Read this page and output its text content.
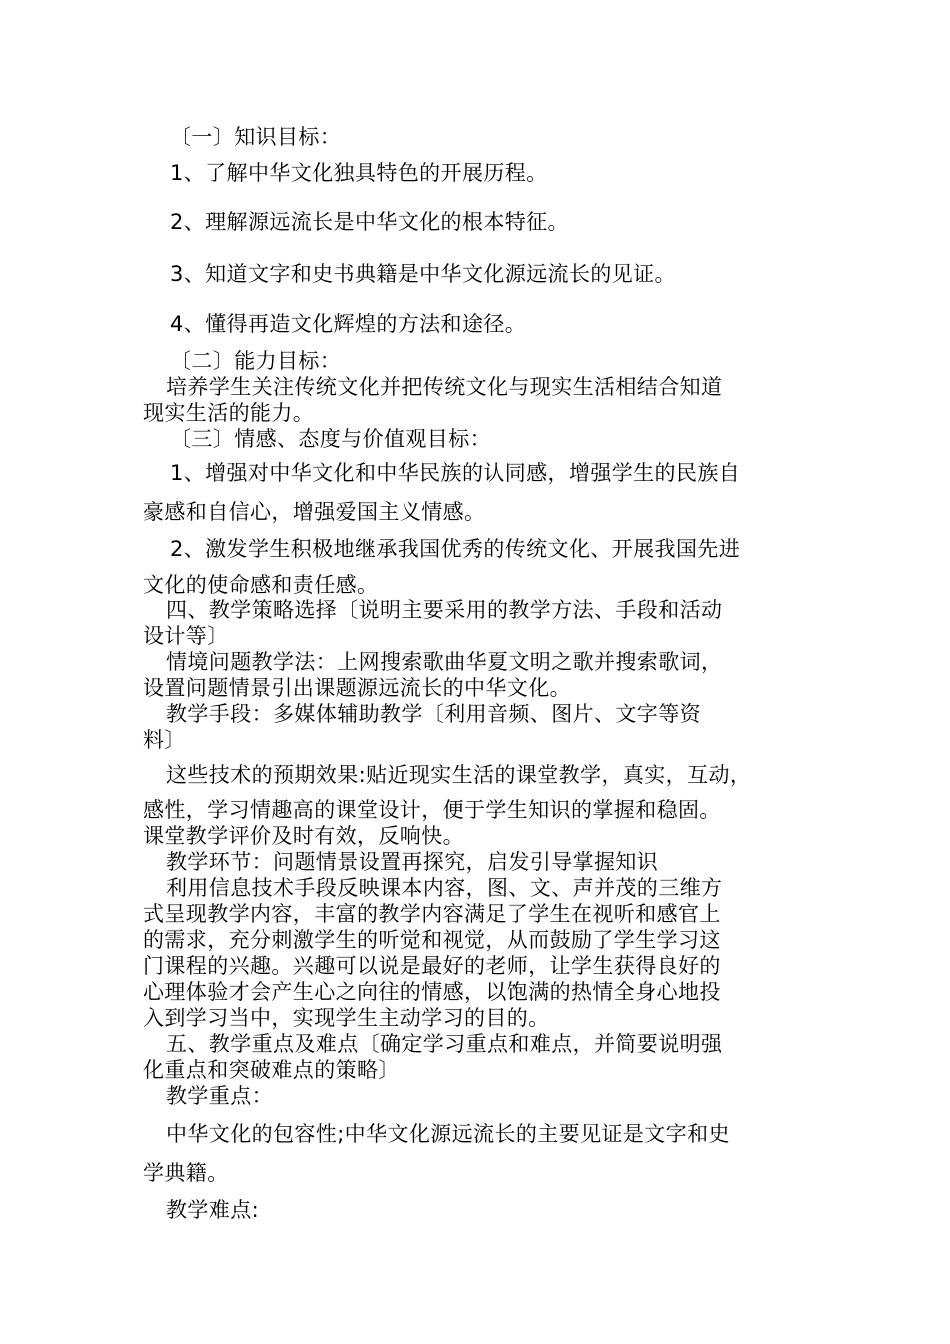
〔一〕知识目标：
1、了解中华文化独具特色的开展历程。
2、理解源远流长是中华文化的根本特征。
3、知道文字和史书典籍是中华文化源远流长的见证。
4、懂得再造文化辉煌的方法和途径。
〔二〕能力目标：
培养学生关注传统文化并把传统文化与现实生活相结合知道
现实生活的能力。
〔三〕情感、态度与价值观目标：
1、增强对中华文化和中华民族的认同感，增强学生的民族自
豪感和自信心，增强爱国主义情感。
2、激发学生积极地继承我国优秀的传统文化、开展我国先进
文化的使命感和责任感。
四、教学策略选择〔说明主要采用的教学方法、手段和活动
设计等〕
情境问题教学法：上网搜索歌曲华夏文明之歌并搜索歌词，
设置问题情景引出课题源远流长的中华文化。
教学手段：多媒体辅助教学〔利用音频、图片、文字等资
料〕
这些技术的预期效果:贴近现实生活的课堂教学，真实，互动，
感性，学习情趣高的课堂设计，便于学生知识的掌握和稳固。
课堂教学评价及时有效，反响快。
教学环节：问题情景设置再探究，启发引导掌握知识
利用信息技术手段反映课本内容，图、文、声并茂的三维方
式呈现教学内容，丰富的教学内容满足了学生在视听和感官上
的需求，充分刺激学生的听觉和视觉，从而鼓励了学生学习这
门课程的兴趣。兴趣可以说是最好的老师，让学生获得良好的
心理体验才会产生心之向往的情感，以饱满的热情全身心地投
入到学习当中，实现学生主动学习的目的。
五、教学重点及难点〔确定学习重点和难点，并简要说明强
化重点和突破难点的策略〕
教学重点：
中华文化的包容性;中华文化源远流长的主要见证是文字和史
学典籍。
教学难点:
